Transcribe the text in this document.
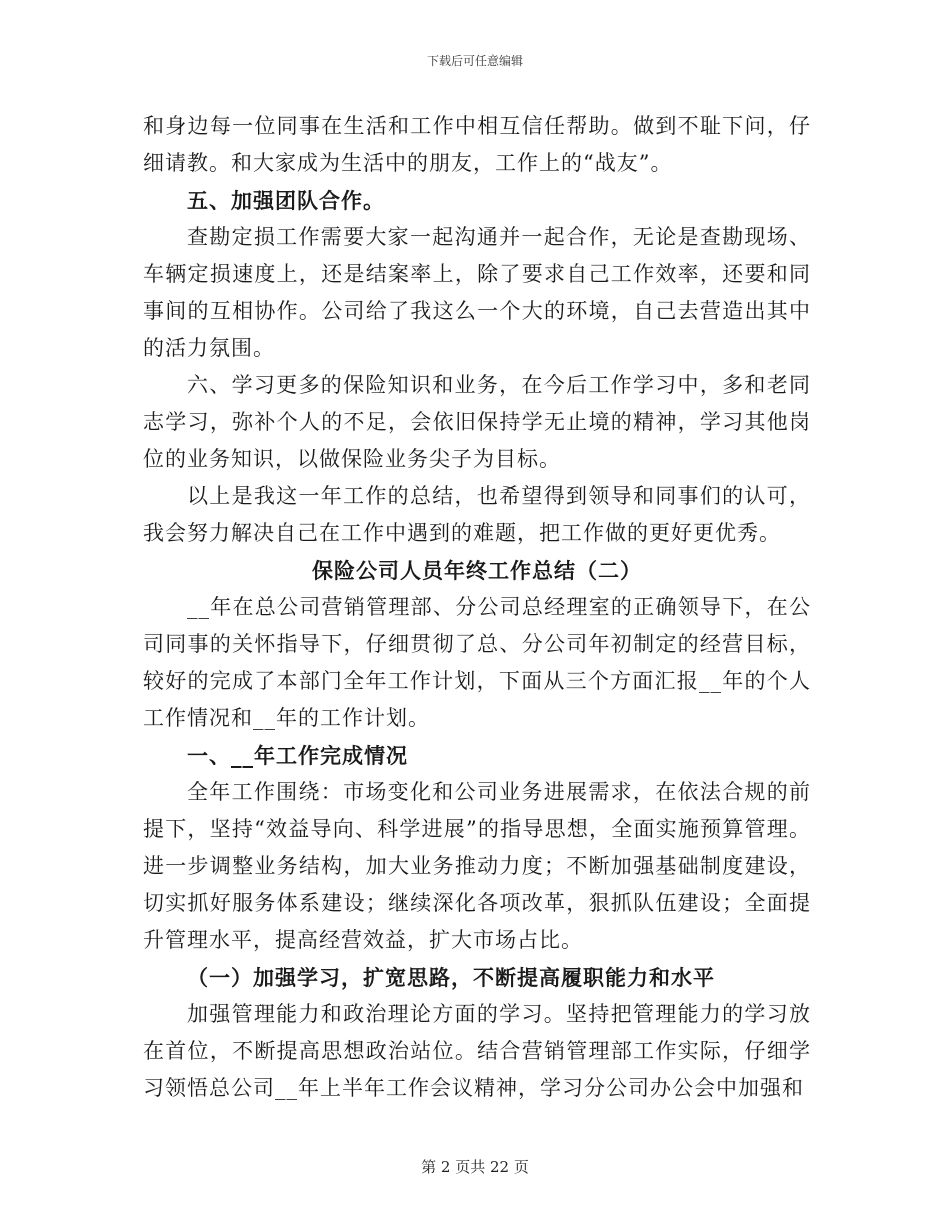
下载后可任意编辑

和身边每一位同事在生活和工作中相互信任帮助。做到不耻下问，仔细请教。和大家成为生活中的朋友，工作上的“战友”。

五、加强团队合作。

查勘定损工作需要大家一起沟通并一起合作，无论是查勘现场、车辆定损速度上，还是结案率上，除了要求自己工作效率，还要和同事间的互相协作。公司给了我这么一个大的环境，自己去营造出其中的活力氛围。

六、学习更多的保险知识和业务，在今后工作学习中，多和老同志学习，弥补个人的不足，会依旧保持学无止境的精神，学习其他岗位的业务知识，以做保险业务尖子为目标。

以上是我这一年工作的总结，也希望得到领导和同事们的认可，我会努力解决自己在工作中遇到的难题，把工作做的更好更优秀。

保险公司人员年终工作总结（二）

__年在总公司营销管理部、分公司总经理室的正确领导下，在公司同事的关怀指导下，仔细贯彻了总、分公司年初制定的经营目标，较好的完成了本部门全年工作计划，下面从三个方面汇报__年的个人工作情况和__年的工作计划。

一、__年工作完成情况

全年工作围绕：市场变化和公司业务进展需求，在依法合规的前提下，坚持“效益导向、科学进展”的指导思想，全面实施预算管理。进一步调整业务结构，加大业务推动力度；不断加强基础制度建设，切实抓好服务体系建设；继续深化各项改革，狠抓队伍建设；全面提升管理水平，提高经营效益，扩大市场占比。

（一）加强学习，扩宽思路，不断提高履职能力和水平

加强管理能力和政治理论方面的学习。坚持把管理能力的学习放在首位，不断提高思想政治站位。结合营销管理部工作实际，仔细学习领悟总公司__年上半年工作会议精神，学习分公司办公会中加强和

第 2 页共 22 页
